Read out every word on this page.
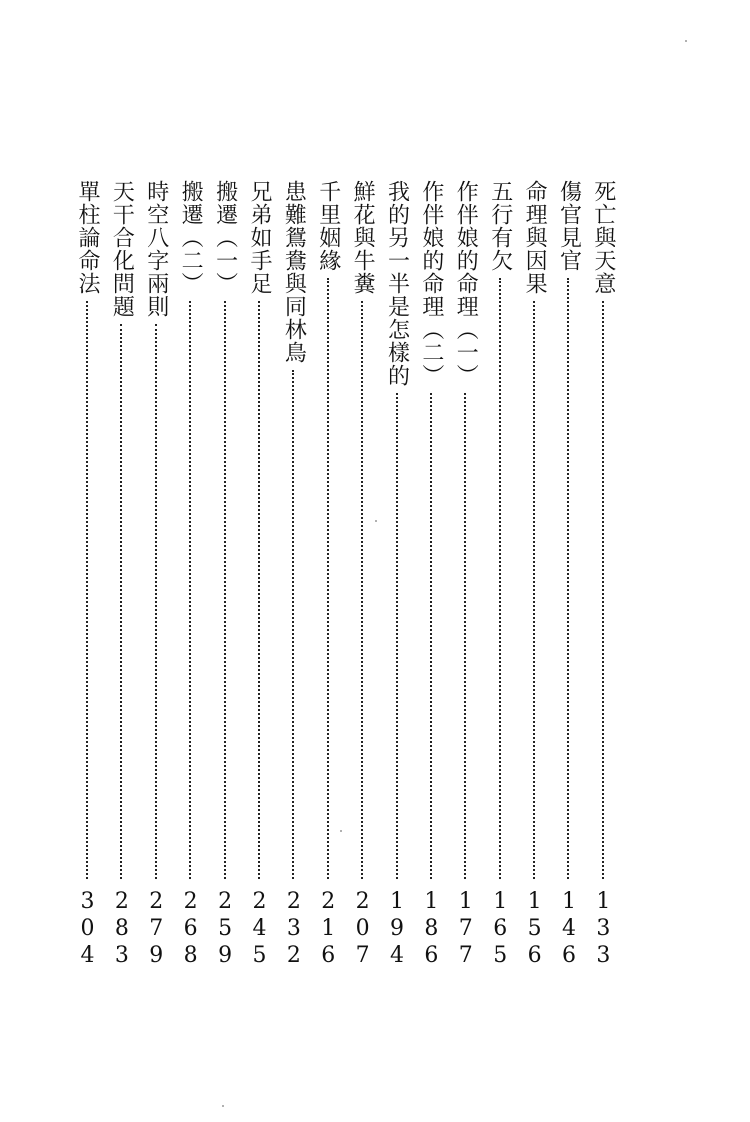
死亡與天意
133
傷官見官
146
命理與因果
156
五行有欠
165
作伴娘的命理（一）
177
作伴娘的命理（二）
186
我的另一半是怎樣的
194
鮮花與牛糞
207
千里姻緣
216
患難鴛鴦與同林鳥
232
兄弟如手足
245
搬遷（一）
259
搬遷（二）
268
時空八字兩則
279
天干合化問題
283
單柱論命法
304
